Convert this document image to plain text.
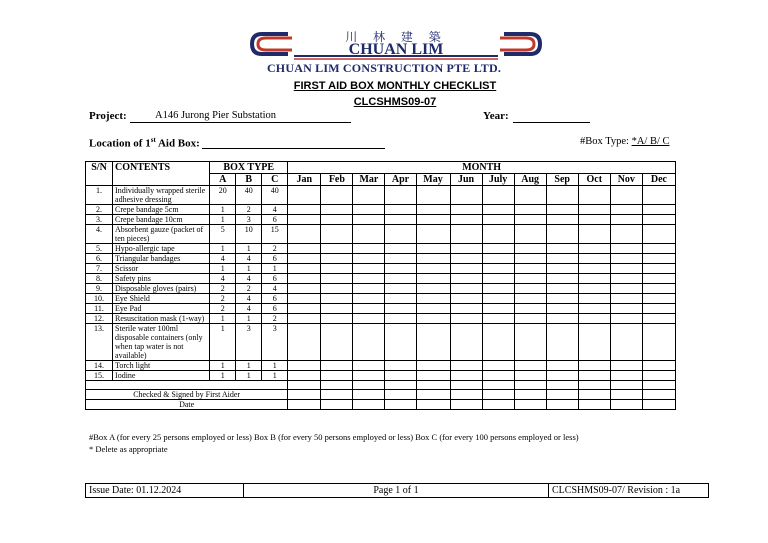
川 林 建 築
CHUAN LIM
CHUAN LIM CONSTRUCTION PTE LTD.
FIRST AID BOX MONTHLY CHECKLIST
CLCSHMS09-07
Project:	A146 Jurong Pier Substation	Year:
Location of 1st Aid Box:	#Box Type: *A/ B/ C
S/N	CONTENTS	BOX TYPE			MONTH											
		A	B	C	Jan	Feb	Mar	Apr	May	Jun	July	Aug	Sep	Oct	Nov	Dec
1.	Individually wrapped sterile adhesive dressing	20	40	40												
2.	Crepe bandage 5cm	1	2	4												
3.	Crepe bandage 10cm	1	3	6												
4.	Absorbent gauze (packet of ten pieces)	5	10	15												
5.	Hypo-allergic tape	1	1	2												
6.	Triangular bandages	4	4	6												
7.	Scissor	1	1	1												
8.	Safety pins	4	4	6												
9.	Disposable gloves (pairs)	2	2	4												
10.	Eye Shield	2	4	6												
11.	Eye Pad	2	4	6												
12.	Resuscitation mask (1-way)	1	1	2												
13.	Sterile water 100ml disposable containers (only when tap water is not available)	1	3	3												
14.	Torch light	1	1	1												
15.	Iodine	1	1	1												

Checked & Signed by First Aider																
Date																
#Box A (for every 25 persons employed or less) Box B (for every 50 persons employed or less) Box C (for every 100 persons employed or less)
* Delete as appropriate
Issue Date: 01.12.2024	Page 1 of 1	CLCSHMS09-07/ Revision : 1a
